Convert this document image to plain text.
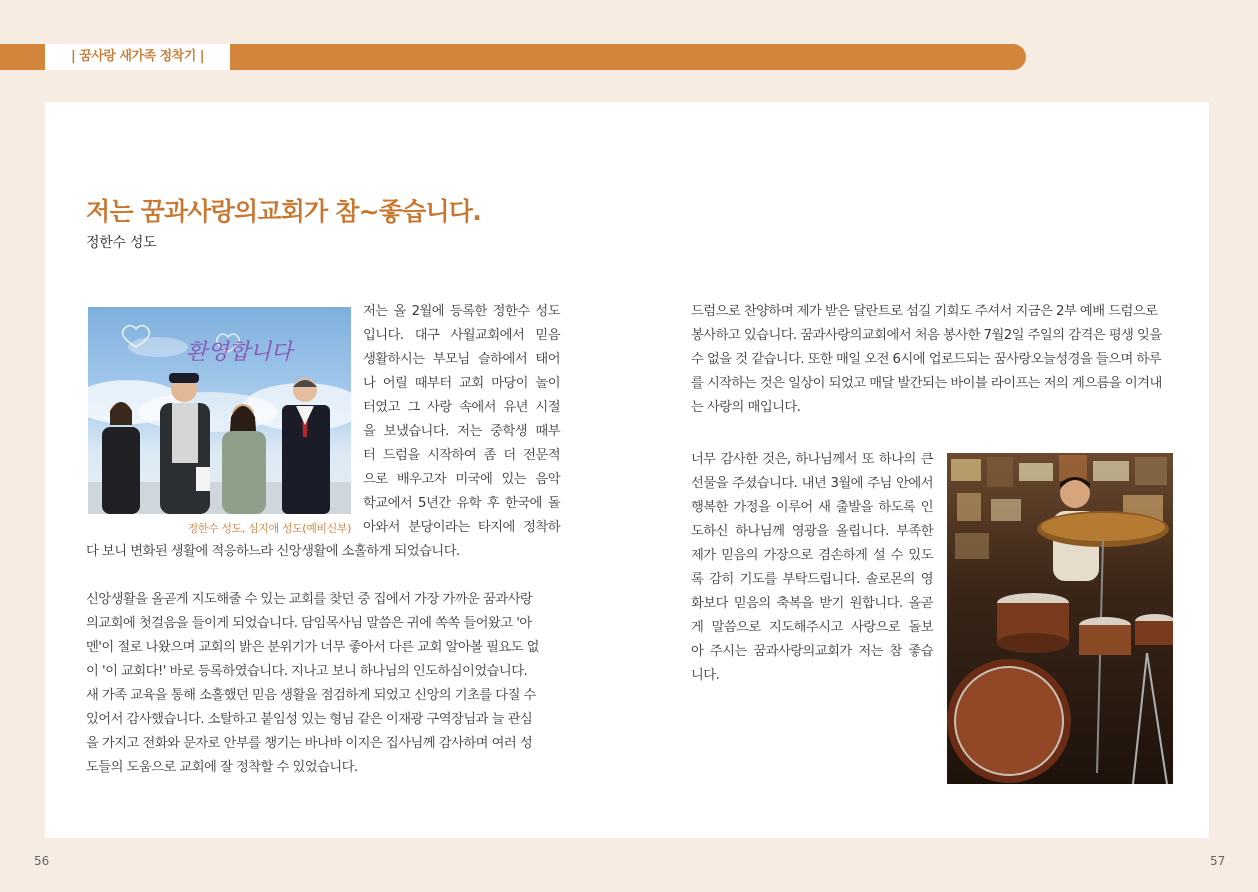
| 꿈사랑 새가족 정착기 |
저는 꿈과사랑의교회가 참~좋습니다.
정한수 성도
환영합니다
정한수 성도, 심지애 성도(예비신부)
저는 올 2월에 등록한 정한수 성도
입니다. 대구 사월교회에서 믿음
생활하시는 부모님 슬하에서 태어
나 어릴 때부터 교회 마당이 놀이
터였고 그 사랑 속에서 유년 시절
을 보냈습니다. 저는 중학생 때부
터 드럼을 시작하여 좀 더 전문적
으로 배우고자 미국에 있는 음악
학교에서 5년간 유학 후 한국에 돌
아와서 분당이라는 타지에 정착하
다 보니 변화된 생활에 적응하느라 신앙생활에 소홀하게 되었습니다.
신앙생활을 올곧게 지도해줄 수 있는 교회를 찾던 중 집에서 가장 가까운 꿈과사랑
의교회에 첫걸음을 들이게 되었습니다. 담임목사님 말씀은 귀에 쏙쏙 들어왔고 '아
멘'이 절로 나왔으며 교회의 밝은 분위기가 너무 좋아서 다른 교회 알아볼 필요도 없
이 '이 교회다!' 바로 등록하였습니다. 지나고 보니 하나님의 인도하심이었습니다.
새 가족 교육을 통해 소홀했던 믿음 생활을 점검하게 되었고 신앙의 기초를 다질 수
있어서 감사했습니다. 소탈하고 붙임성 있는 형님 같은 이재광 구역장님과 늘 관심
을 가지고 전화와 문자로 안부를 챙기는 바나바 이지은 집사님께 감사하며 여러 성
도들의 도움으로 교회에 잘 정착할 수 있었습니다.
드럼으로 찬양하며 제가 받은 달란트로 섬길 기회도 주셔서 지금은 2부 예배 드럼으로
봉사하고 있습니다. 꿈과사랑의교회에서 처음 봉사한 7월2일 주일의 감격은 평생 잊을
수 없을 것 같습니다. 또한 매일 오전 6시에 업로드되는 꿈사랑오늘성경을 들으며 하루
를 시작하는 것은 일상이 되었고 매달 발간되는 바이블 라이프는 저의 게으름을 이겨내
는 사랑의 매입니다.
너무 감사한 것은, 하나님께서 또 하나의 큰
선물을 주셨습니다. 내년 3월에 주님 안에서
행복한 가정을 이루어 새 출발을 하도록 인
도하신 하나님께 영광을 올립니다. 부족한
제가 믿음의 가장으로 겸손하게 설 수 있도
록 감히 기도를 부탁드립니다. 솔로몬의 영
화보다 믿음의 축복을 받기 원합니다. 올곧
게 말씀으로 지도해주시고 사랑으로 돌보
아 주시는 꿈과사랑의교회가 저는 참 좋습
니다.
56	57
